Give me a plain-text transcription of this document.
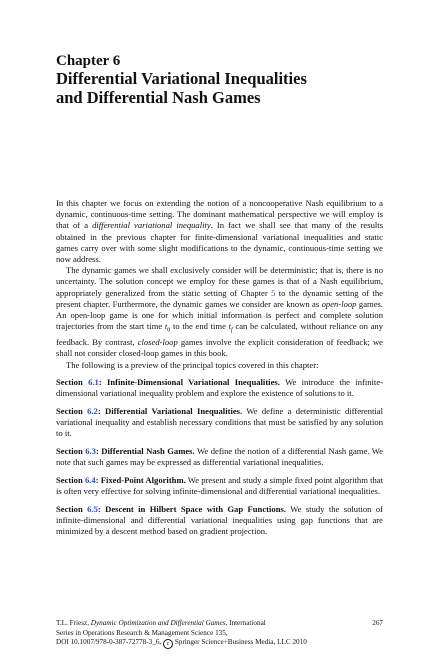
Chapter 6
Differential Variational Inequalities
and Differential Nash Games

In this chapter we focus on extending the notion of a noncooperative Nash equilibrium to a dynamic, continuous-time setting. The dominant mathematical perspective we will employ is that of a differential variational inequality. In fact we shall see that many of the results obtained in the previous chapter for finite-dimensional variational inequalities and static games carry over with some slight modifications to the dynamic, continuous-time setting we now address.

The dynamic games we shall exclusively consider will be deterministic; that is, there is no uncertainty. The solution concept we employ for these games is that of a Nash equilibrium, appropriately generalized from the static setting of Chapter 5 to the dynamic setting of the present chapter. Furthermore, the dynamic games we consider are known as open-loop games. An open-loop game is one for which initial information is perfect and complete solution trajectories from the start time $t_0$ to the end time $t_f$ can be calculated, without reliance on any feedback. By contrast, closed-loop games involve the explicit consideration of feedback; we shall not consider closed-loop games in this book.

The following is a preview of the principal topics covered in this chapter:

Section 6.1: Infinite-Dimensional Variational Inequalities. We introduce the infinite-dimensional variational inequality problem and explore the existence of solutions to it.

Section 6.2: Differential Variational Inequalities. We define a deterministic differential variational inequality and establish necessary conditions that must be satisfied by any solution to it.

Section 6.3: Differential Nash Games. We define the notion of a differential Nash game. We note that such games may be expressed as differential variational inequalities.

Section 6.4: Fixed-Point Algorithm. We present and study a simple fixed point algorithm that is often very effective for solving infinite-dimensional and differential variational inequalities.

Section 6.5: Descent in Hilbert Space with Gap Functions. We study the solution of infinite-dimensional and differential variational inequalities using gap functions that are minimized by a descent method based on gradient projection.

T.L. Friesz, Dynamic Optimization and Differential Games, International	267
Series in Operations Research & Management Science 135,
DOI 10.1007/978-0-387-72778-3_6, c Springer Science+Business Media, LLC 2010
